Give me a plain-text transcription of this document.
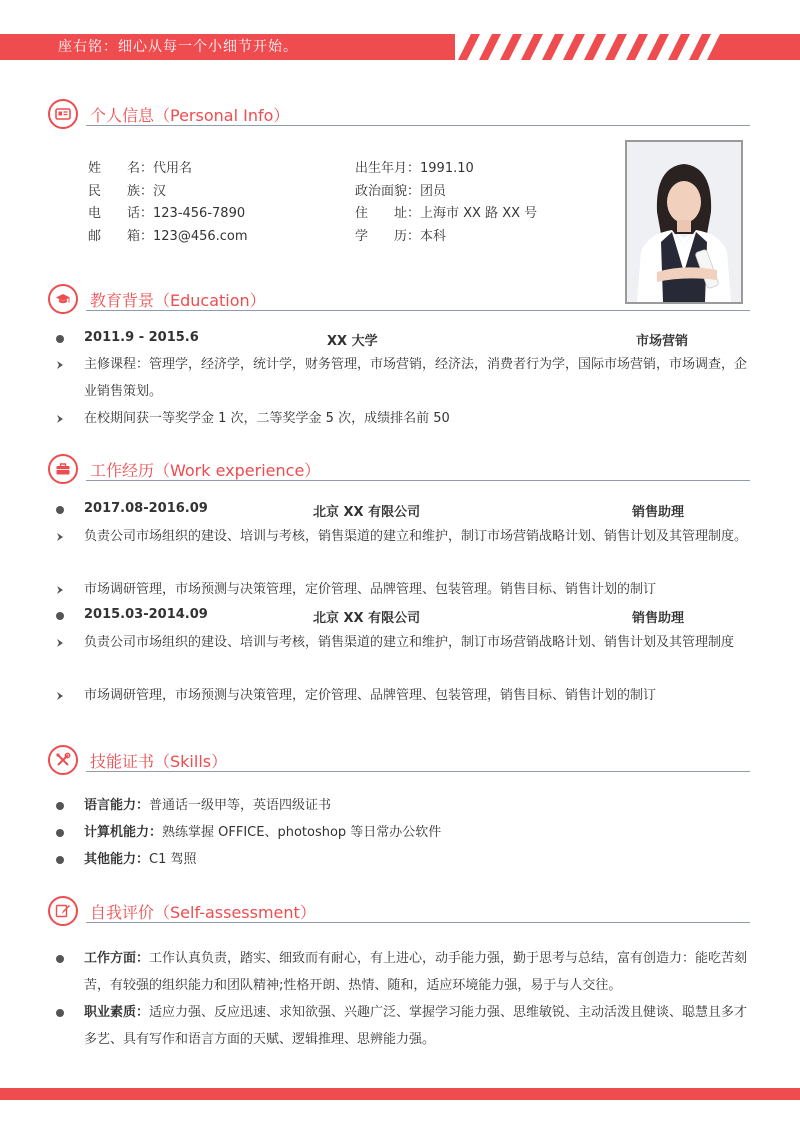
座右铭：细心从每一个小细节开始。
个人信息（Personal Info）
姓　　名：代用名
民　　族：汉
电　　话：123-456-7890
邮　　箱：123@456.com
出生年月：1991.10
政治面貌：团员
住　　址：上海市 XX 路 XX 号
学　　历：本科
教育背景（Education）
2011.9 - 2015.6	XX 大学	市场营销
主修课程：管理学，经济学，统计学，财务管理，市场营销，经济法，消费者行为学，国际市场营销，市场调查，企业销售策划。
在校期间获一等奖学金 1 次，二等奖学金 5 次，成绩排名前 50
工作经历（Work experience）
2017.08-2016.09	北京 XX 有限公司	销售助理
负责公司市场组织的建设、培训与考核，销售渠道的建立和维护，制订市场营销战略计划、销售计划及其管理制度。
市场调研管理，市场预测与决策管理，定价管理、品牌管理、包装管理。销售目标、销售计划的制订
2015.03-2014.09	北京 XX 有限公司	销售助理
负责公司市场组织的建设、培训与考核，销售渠道的建立和维护，制订市场营销战略计划、销售计划及其管理制度
市场调研管理，市场预测与决策管理，定价管理、品牌管理、包装管理，销售目标、销售计划的制订
技能证书（Skills）
语言能力：普通话一级甲等，英语四级证书
计算机能力：熟练掌握 OFFICE、photoshop 等日常办公软件
其他能力：C1 驾照
自我评价（Self-assessment）
工作方面：工作认真负责，踏实、细致而有耐心，有上进心，动手能力强，勤于思考与总结，富有创造力：能吃苦刻苦，有较强的组织能力和团队精神;性格开朗、热情、随和，适应环境能力强，易于与人交往。
职业素质：适应力强、反应迅速、求知欲强、兴趣广泛、掌握学习能力强、思维敏锐、主动活泼且健谈、聪慧且多才多艺、具有写作和语言方面的天赋、逻辑推理、思辨能力强。
